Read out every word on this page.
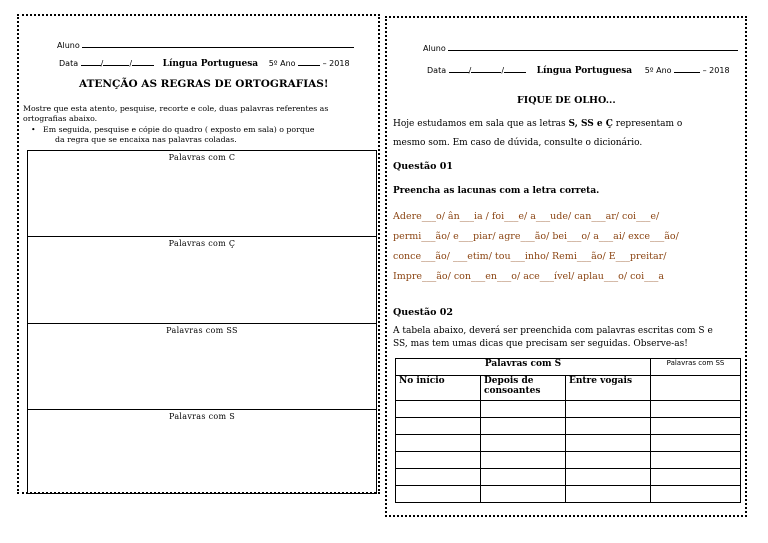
Aluno
Data	/	/	Língua Portuguesa 5º Ano	– 2018
ATENÇÃO AS REGRAS DE ORTOGRAFIAS!
Mostre que esta atento, pesquise, recorte e cole, duas palavras referentes as
ortografias abaixo.
• Em seguida, pesquise e cópie do quadro ( exposto em sala) o porque
da regra que se encaixa nas palavras coladas.
Palavras com C
Palavras com Ç
Palavras com SS
Palavras com S
Aluno
Data	/	/	Língua Portuguesa 5º Ano	– 2018
FIQUE DE OLHO...
Hoje estudamos em sala que as letras S, SS e Ç representam o
mesmo som. Em caso de dúvida, consulte o dicionário.
Questão 01
Preencha as lacunas com a letra correta.
Adere___o/ ân___ia / foi___e/ a___ude/ can___ar/ coi___e/
permi___ão/ e___piar/ agre___ão/ bei___o/ a___ai/ exce___ão/
conce___ão/ ___etim/ tou___inho/ Remi___ão/ E___preitar/
Impre___ão/ con___en___o/ ace___ível/ aplau___o/ coi___a
Questão 02
A tabela abaixo, deverá ser preenchida com palavras escritas com S e
SS, mas tem umas dicas que precisam ser seguidas. Observe-as!
Palavras com S			Palavras com SS
No início	Depois de consoantes	Entre vogais	
